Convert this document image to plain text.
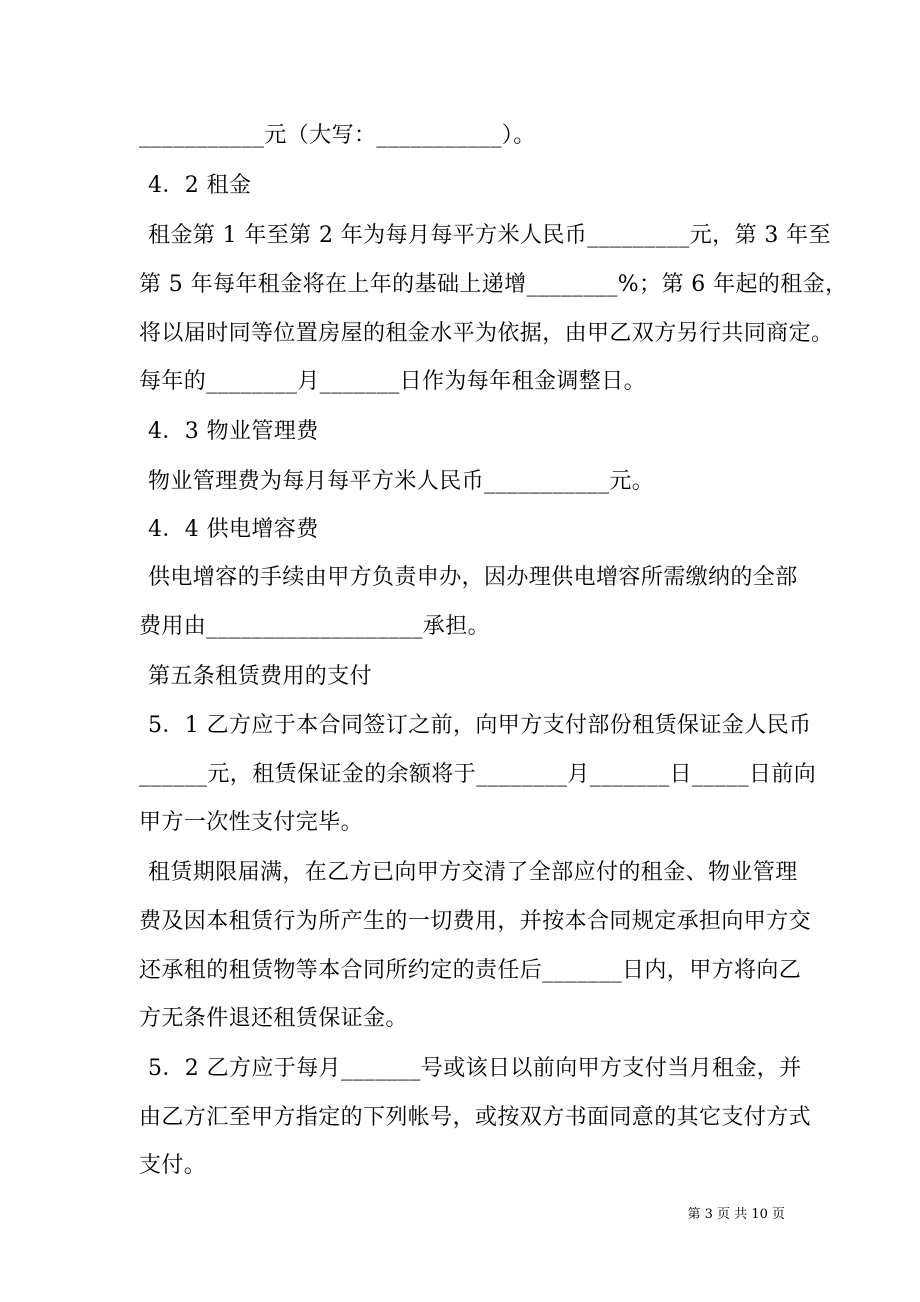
___________元（大写：___________）。
4．2 租金
租金第 1 年至第 2 年为每月每平方米人民币_________元，第 3 年至
第 5 年每年租金将在上年的基础上递增________%；第 6 年起的租金，
将以届时同等位置房屋的租金水平为依据，由甲乙双方另行共同商定。
每年的________月_______日作为每年租金调整日。
4．3 物业管理费
物业管理费为每月每平方米人民币___________元。
4．4 供电增容费
供电增容的手续由甲方负责申办，因办理供电增容所需缴纳的全部
费用由___________________承担。
第五条租赁费用的支付
5．1 乙方应于本合同签订之前，向甲方支付部份租赁保证金人民币
______元，租赁保证金的余额将于________月_______日_____日前向
甲方一次性支付完毕。
租赁期限届满，在乙方已向甲方交清了全部应付的租金、物业管理
费及因本租赁行为所产生的一切费用，并按本合同规定承担向甲方交
还承租的租赁物等本合同所约定的责任后_______日内，甲方将向乙
方无条件退还租赁保证金。
5．2 乙方应于每月_______号或该日以前向甲方支付当月租金，并
由乙方汇至甲方指定的下列帐号，或按双方书面同意的其它支付方式
支付。
第 3 页 共 10 页
